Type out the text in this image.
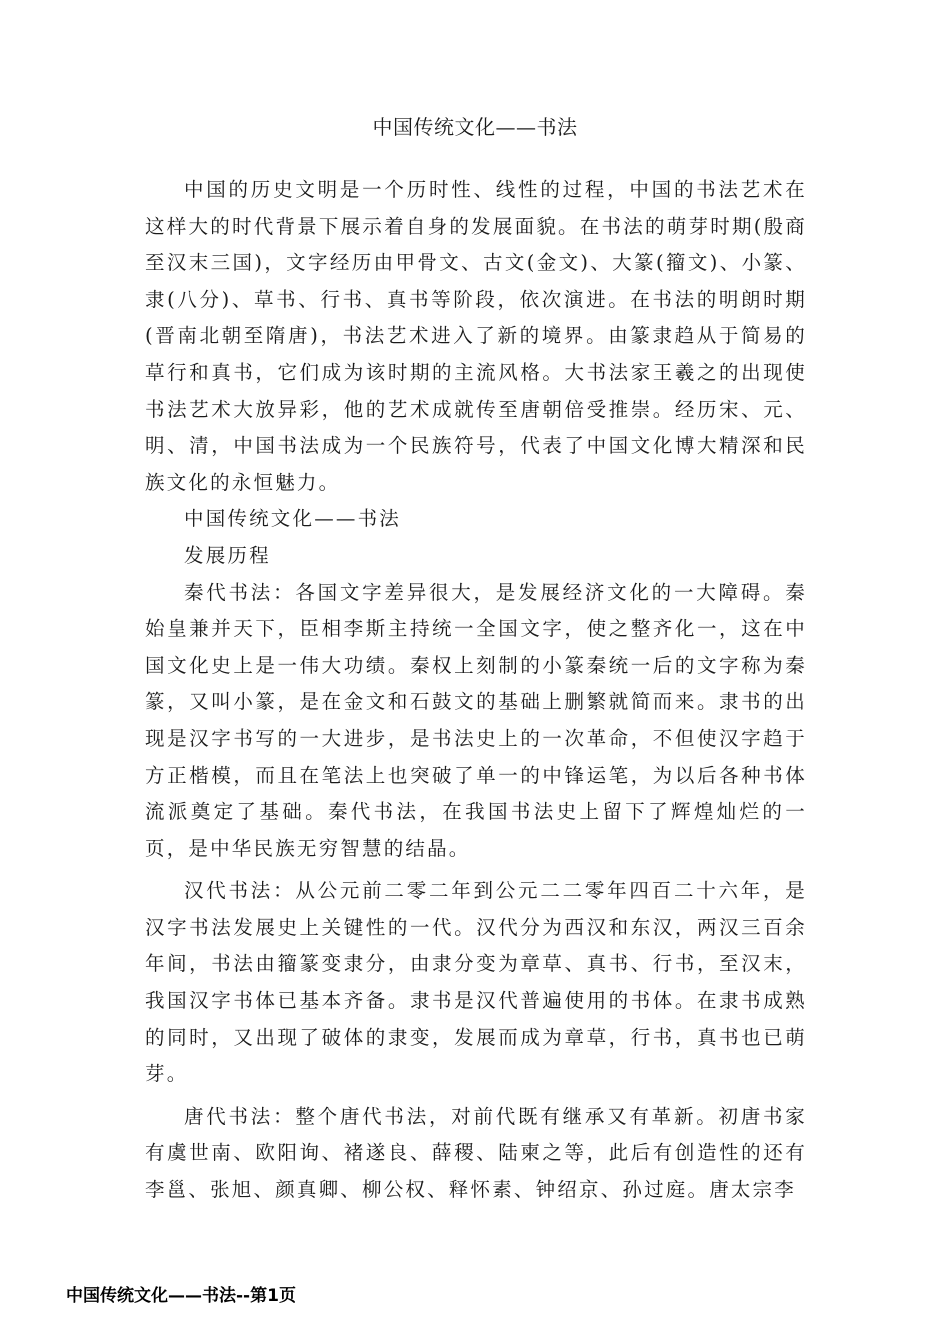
中国传统文化——书法

中国的历史文明是一个历时性、线性的过程，中国的书法艺术在这样大的时代背景下展示着自身的发展面貌。在书法的萌芽时期(殷商至汉末三国)，文字经历由甲骨文、古文(金文)、大篆(籀文)、小篆、隶(八分)、草书、行书、真书等阶段，依次演进。在书法的明朗时期(晋南北朝至隋唐)，书法艺术进入了新的境界。由篆隶趋从于简易的草行和真书，它们成为该时期的主流风格。大书法家王羲之的出现使书法艺术大放异彩，他的艺术成就传至唐朝倍受推崇。经历宋、元、明、清，中国书法成为一个民族符号，代表了中国文化博大精深和民族文化的永恒魅力。

中国传统文化——书法

发展历程

秦代书法：各国文字差异很大，是发展经济文化的一大障碍。秦始皇兼并天下，臣相李斯主持统一全国文字，使之整齐化一，这在中国文化史上是一伟大功绩。秦权上刻制的小篆秦统一后的文字称为秦篆，又叫小篆，是在金文和石鼓文的基础上删繁就简而来。隶书的出现是汉字书写的一大进步，是书法史上的一次革命，不但使汉字趋于方正楷模，而且在笔法上也突破了单一的中锋运笔，为以后各种书体流派奠定了基础。秦代书法，在我国书法史上留下了辉煌灿烂的一页，是中华民族无穷智慧的结晶。

汉代书法：从公元前二零二年到公元二二零年四百二十六年，是汉字书法发展史上关键性的一代。汉代分为西汉和东汉，两汉三百余年间，书法由籀篆变隶分，由隶分变为章草、真书、行书，至汉末，我国汉字书体已基本齐备。隶书是汉代普遍使用的书体。在隶书成熟的同时，又出现了破体的隶变，发展而成为章草，行书，真书也已萌芽。

唐代书法：整个唐代书法，对前代既有继承又有革新。初唐书家有虞世南、欧阳询、褚遂良、薛稷、陆柬之等，此后有创造性的还有李邕、张旭、颜真卿、柳公权、释怀素、钟绍京、孙过庭。唐太宗李

中国传统文化——书法--第1页
